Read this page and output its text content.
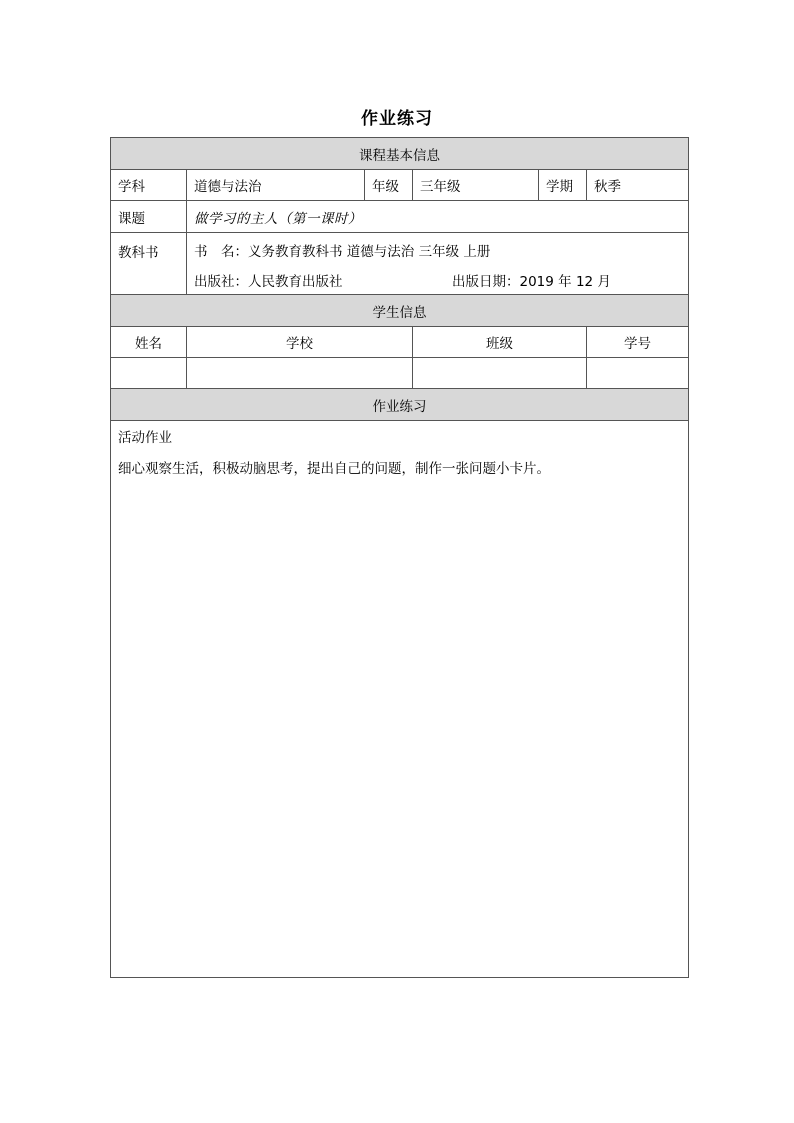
作业练习
课程基本信息					
学科	道德与法治	年级	三年级	学期	秋季
课题	做学习的主人（第一课时）				
教科书	书　名：义务教育教科书 道德与法治 三年级 上册
出版社：人民教育出版社 出版日期：2019 年 12 月				

学生信息					
姓名	学校		班级		学号

作业练习					

活动作业
细心观察生活，积极动脑思考，提出自己的问题，制作一张问题小卡片。					
